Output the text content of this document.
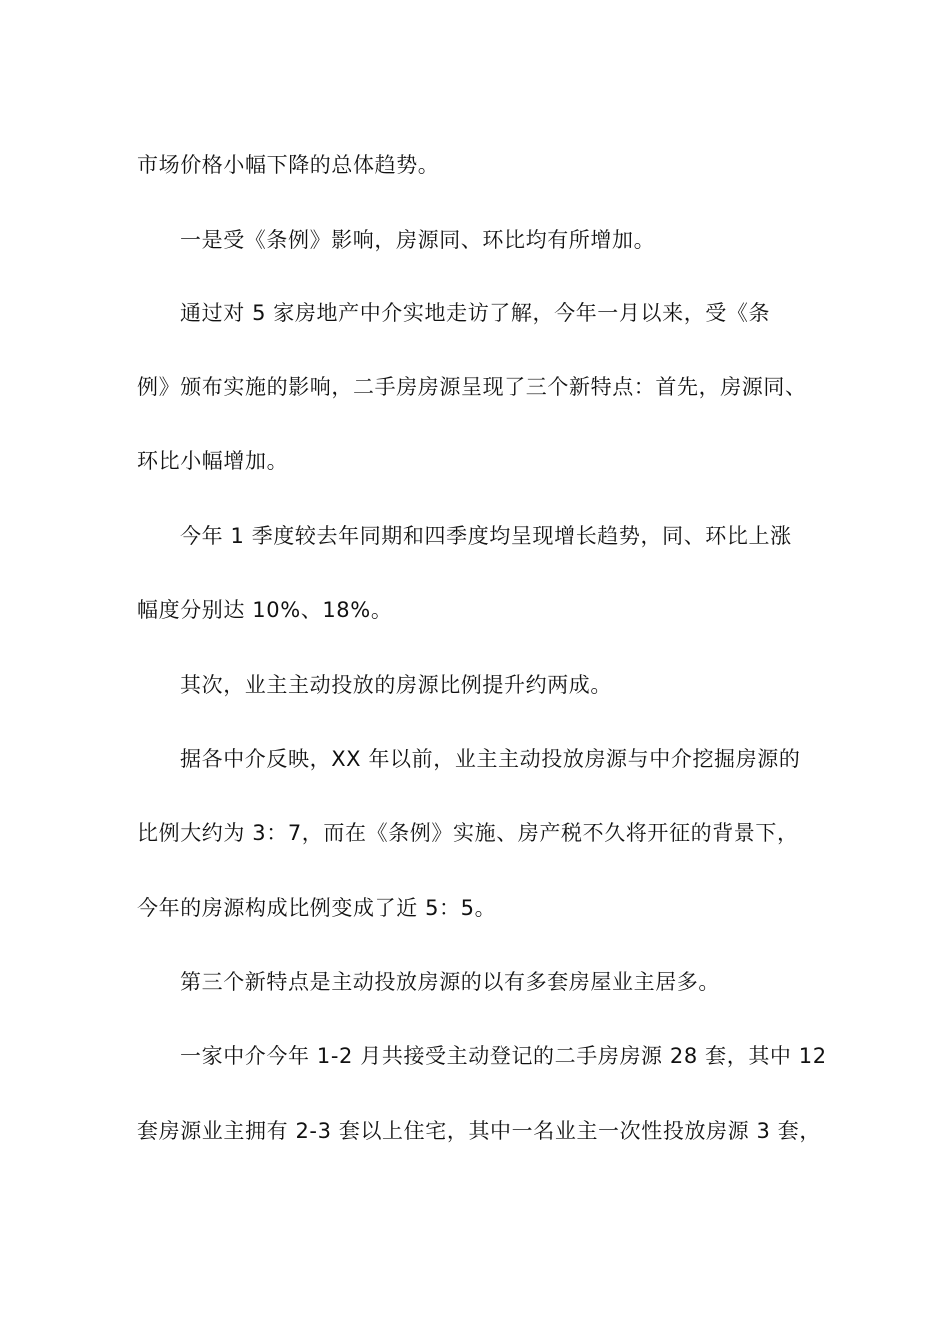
市场价格小幅下降的总体趋势。
一是受《条例》影响，房源同、环比均有所增加。
通过对 5 家房地产中介实地走访了解，今年一月以来，受《条
例》颁布实施的影响，二手房房源呈现了三个新特点：首先，房源同、
环比小幅增加。
今年 1 季度较去年同期和四季度均呈现增长趋势，同、环比上涨
幅度分别达 10%、18%。
其次，业主主动投放的房源比例提升约两成。
据各中介反映，XX 年以前，业主主动投放房源与中介挖掘房源的
比例大约为 3：7，而在《条例》实施、房产税不久将开征的背景下，
今年的房源构成比例变成了近 5：5。
第三个新特点是主动投放房源的以有多套房屋业主居多。
一家中介今年 1-2 月共接受主动登记的二手房房源 28 套，其中 12
套房源业主拥有 2-3 套以上住宅，其中一名业主一次性投放房源 3 套，
